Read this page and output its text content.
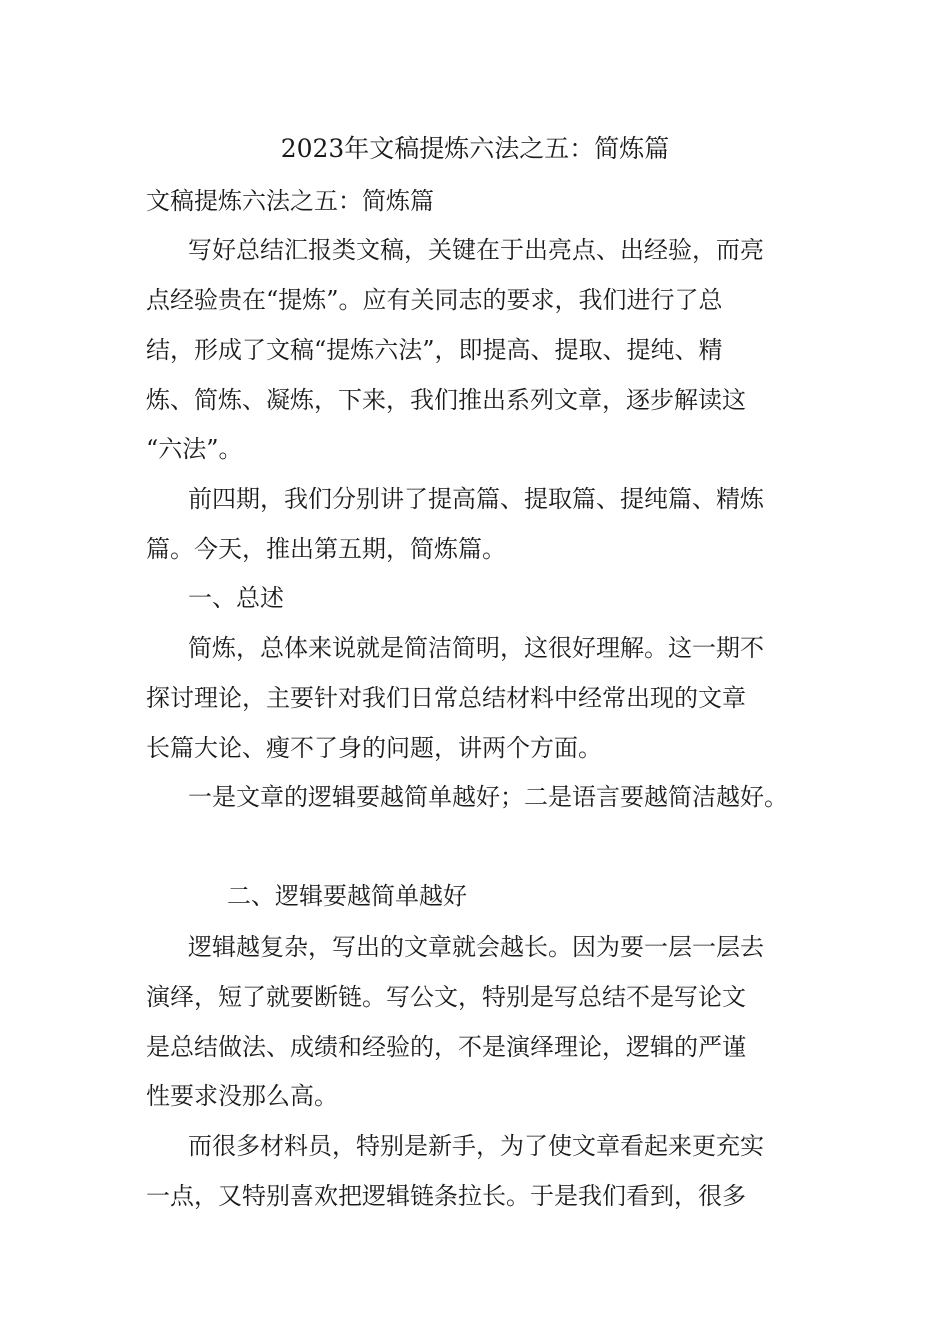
2023年文稿提炼六法之五：简炼篇
文稿提炼六法之五：简炼篇
写好总结汇报类文稿，关键在于出亮点、出经验，而亮
点经验贵在“提炼”。应有关同志的要求，我们进行了总
结，形成了文稿“提炼六法”，即提高、提取、提纯、精
炼、简炼、凝炼，下来，我们推出系列文章，逐步解读这
“六法”。
前四期，我们分别讲了提高篇、提取篇、提纯篇、精炼
篇。今天，推出第五期，简炼篇。
一、总述
简炼，总体来说就是简洁简明，这很好理解。这一期不
探讨理论，主要针对我们日常总结材料中经常出现的文章
长篇大论、瘦不了身的问题，讲两个方面。
一是文章的逻辑要越简单越好；二是语言要越简洁越好。
二、逻辑要越简单越好
逻辑越复杂，写出的文章就会越长。因为要一层一层去
演绎，短了就要断链。写公文，特别是写总结不是写论文
是总结做法、成绩和经验的，不是演绎理论，逻辑的严谨
性要求没那么高。
而很多材料员，特别是新手，为了使文章看起来更充实
一点，又特别喜欢把逻辑链条拉长。于是我们看到，很多
